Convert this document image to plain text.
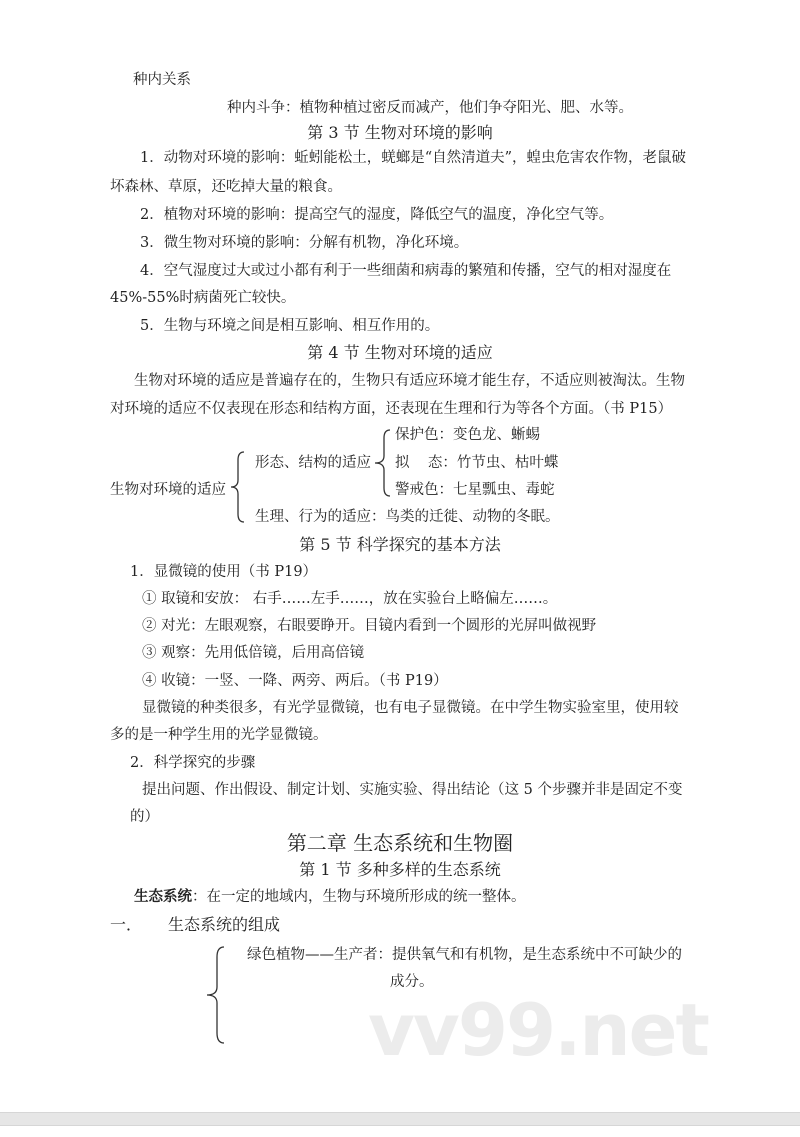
种内关系
种内斗争：植物种植过密反而减产，他们争夺阳光、肥、水等。
第 3 节 生物对环境的影响
1．动物对环境的影响：蚯蚓能松土，蜣螂是“自然清道夫”，蝗虫危害农作物，老鼠破
坏森林、草原，还吃掉大量的粮食。
2．植物对环境的影响：提高空气的湿度，降低空气的温度，净化空气等。
3．微生物对环境的影响：分解有机物，净化环境。
4．空气湿度过大或过小都有利于一些细菌和病毒的繁殖和传播，空气的相对湿度在
45%-55%时病菌死亡较快。
5．生物与环境之间是相互影响、相互作用的。
第 4 节 生物对环境的适应
生物对环境的适应是普遍存在的，生物只有适应环境才能生存，不适应则被淘汰。生物
对环境的适应不仅表现在形态和结构方面，还表现在生理和行为等各个方面。（书 P15）
保护色：变色龙、蜥蜴
形态、结构的适应 拟    态：竹节虫、枯叶蝶
生物对环境的适应	警戒色：七星瓢虫、毒蛇
生理、行为的适应：鸟类的迁徙、动物的冬眠。
第 5 节 科学探究的基本方法
1．显微镜的使用（书 P19）
① 取镜和安放： 右手……左手……，放在实验台上略偏左……。
② 对光：左眼观察，右眼要睁开。目镜内看到一个圆形的光屏叫做视野
③ 观察：先用低倍镜，后用高倍镜
④ 收镜：一竖、一降、两旁、两后。（书 P19）
显微镜的种类很多，有光学显微镜，也有电子显微镜。在中学生物实验室里，使用较
多的是一种学生用的光学显微镜。
2．科学探究的步骤
提出问题、作出假设、制定计划、实施实验、得出结论（这 5 个步骤并非是固定不变
的）
第二章 生态系统和生物圈
第 1 节 多种多样的生态系统
生态系统：在一定的地域内，生物与环境所形成的统一整体。
一． 生态系统的组成
绿色植物——生产者：提供氧气和有机物，是生态系统中不可缺少的
成分。
vv99.net
